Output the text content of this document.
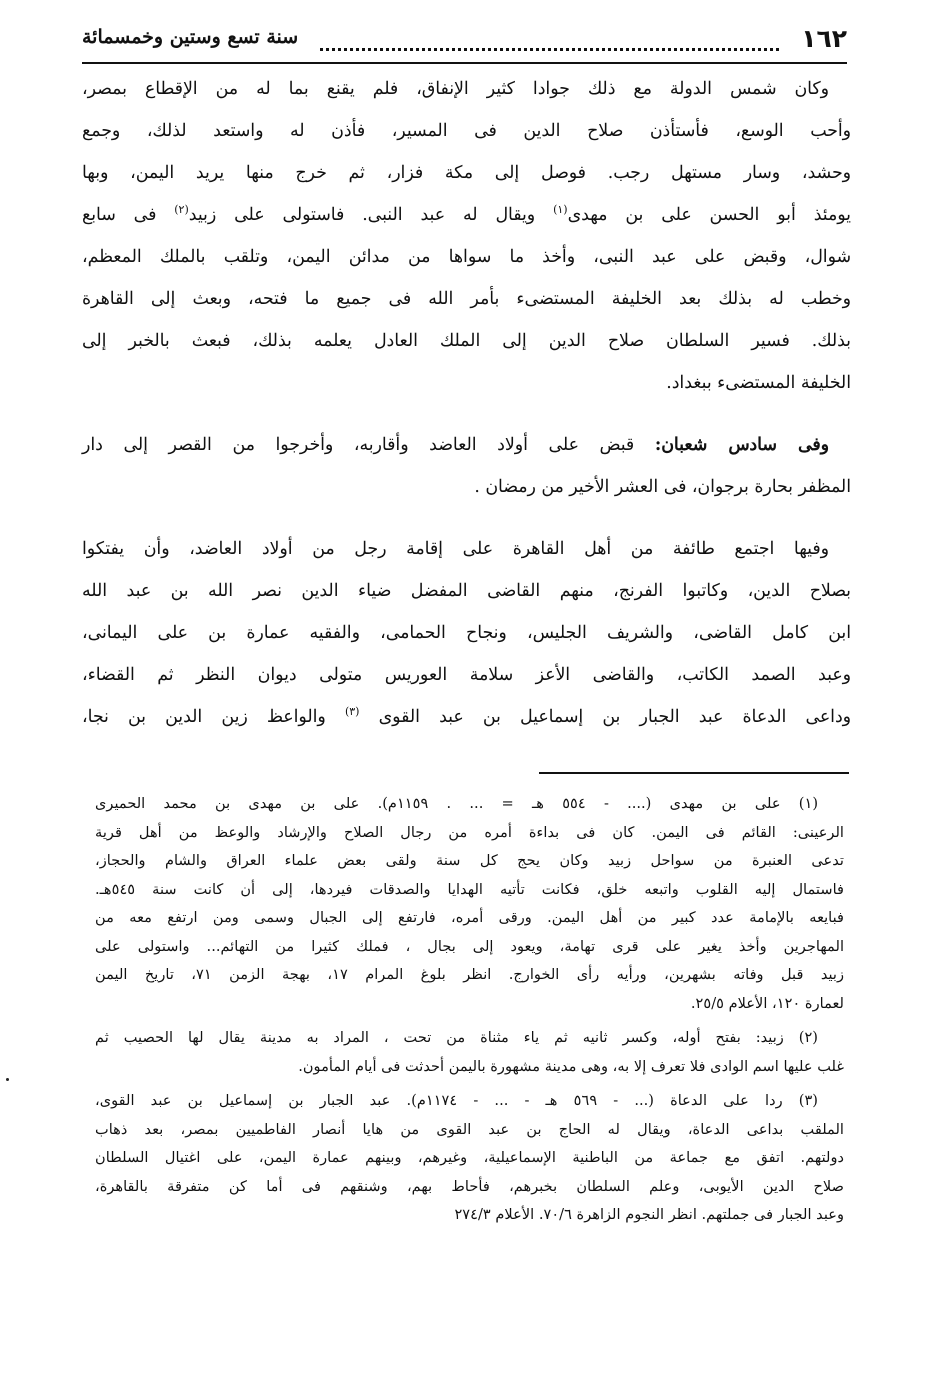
١٦٢
سنة تسع وستين وخمسمائة

وكان شمس الدولة مع ذلك جوادا كثير الإنفاق، فلم يقنع بما له من الإقطاع بمصر،
وأحب الوسع، فأستأذن صلاح الدين فى المسير، فأذن له واستعد لذلك، وجمع
وحشد، وسار مستهل رجب. فوصل إلى مكة فزار، ثم خرج منها يريد اليمن، وبها
يومئذ أبو الحسن على بن مهدى$^{(١)}$ ويقال له عبد النبى. فاستولى على زبيد$^{(٢)}$ فى سابع
شوال، وقبض على عبد النبى، وأخذ ما سواها من مدائن اليمن، وتلقب بالملك المعظم،
وخطب له بذلك بعد الخليفة المستضىء بأمر الله فى جميع ما فتحه، وبعث إلى القاهرة
بذلك. فسير السلطان صلاح الدين إلى الملك العادل يعلمه بذلك، فبعث بالخبر إلى
الخليفة المستضىء ببغداد.

وفى سادس شعبان: قبض على أولاد العاضد وأقاربه، وأخرجوا من القصر إلى دار
المظفر بحارة برجوان، فى العشر الأخير من رمضان .

وفيها اجتمع طائفة من أهل القاهرة على إقامة رجل من أولاد العاضد، وأن يفتكوا
بصلاح الدين، وكاتبوا الفرنج، منهم القاضى المفضل ضياء الدين نصر الله بن عبد الله
ابن كامل القاضى، والشريف الجليس، ونجاح الحمامى، والفقيه عمارة بن على اليمانى،
وعبد الصمد الكاتب، والقاضى الأعز سلامة العوريس متولى ديوان النظر ثم القضاء،
وداعى الدعاة عبد الجبار بن إسماعيل بن عبد القوى $^{(٣)}$ والواعظ زين الدين بن نجا،

(١) على بن مهدى (.... - ٥٥٤ هـ = ... . ١١٥٩م). على بن مهدى بن محمد الحميرى
الرعينى: القائم فى اليمن. كان فى بداءة أمره من رجال الصلاح والإرشاد والوعظ من أهل قرية
تدعى العنبرة من سواحل زبيد وكان يحج كل سنة ولقى بعض علماء العراق والشام والحجاز،
فاستمال إليه القلوب واتبعه خلق، فكانت تأتيه الهدايا والصدقات فيردها، إلى أن كانت سنة ٥٤٥هـ.
فبايعه بالإمامة عدد كبير من أهل اليمن. ورقى أمره، فارتفع إلى الجبال وسمى ومن ارتفع معه من
المهاجرين وأخذ يغير على قرى تهامة، ويعود إلى بجال ، فملك كثيرا من التهائم... واستولى على
زبيد قبل وفاته بشهرين، ورأيه رأى الخوارج. انظر بلوغ المرام ١٧، بهجة الزمن ٧١، تاريخ اليمن
لعمارة ١٢٠، الأعلام ٢٥/٥.
(٢) زبيد: بفتح أوله، وكسر ثانيه ثم ياء مثناة من تحت ، المراد به مدينة يقال لها الحصيب ثم
غلب عليها اسم الوادى فلا تعرف إلا به، وهى مدينة مشهورة باليمن أحدثت فى أيام المأمون.
(٣) ردا على الدعاة (... - ٥٦٩ هـ - ... - ١١٧٤م). عبد الجبار بن إسماعيل بن عبد القوى،
الملقب بداعى الدعاة، ويقال له الحاج بن عبد القوى من هايا أنصار الفاطميين بمصر، بعد ذهاب
دولتهم. اتفق مع جماعة من الباطنية الإسماعيلية، وغيرهم، وبينهم عمارة اليمن، على اغتيال السلطان
صلاح الدين الأيوبى، وعلم السلطان بخبرهم، فأحاط بهم، وشنقهم فى أما كن متفرقة بالقاهرة،
وعبد الجبار فى جملتهم. انظر النجوم الزاهرة ٧٠/٦. الأعلام ٢٧٤/٣
